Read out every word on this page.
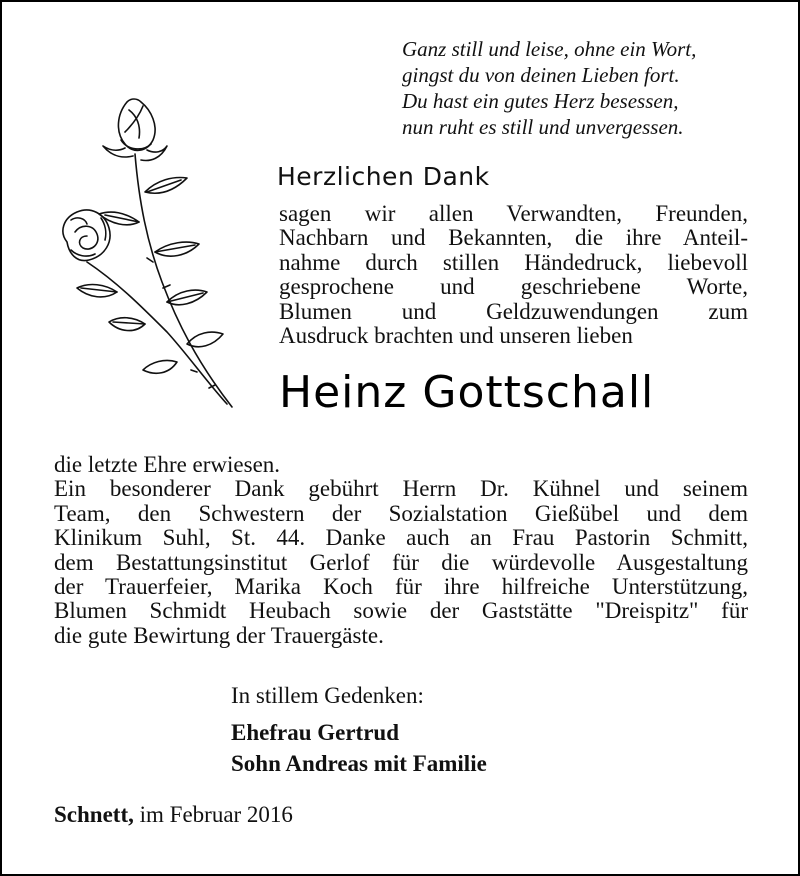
Ganz still und leise, ohne ein Wort,
gingst du von deinen Lieben fort.
Du hast ein gutes Herz besessen,
nun ruht es still und unvergessen.
Herzlichen Dank
sagen wir allen Verwandten, Freunden,
Nachbarn und Bekannten, die ihre Anteil-
nahme durch stillen Händedruck, liebevoll
gesprochene und geschriebene Worte,
Blumen und Geldzuwendungen zum
Ausdruck brachten und unseren lieben
Heinz Gottschall
die letzte Ehre erwiesen.
Ein besonderer Dank gebührt Herrn Dr. Kühnel und seinem
Team, den Schwestern der Sozialstation Gießübel und dem
Klinikum Suhl, St. 44. Danke auch an Frau Pastorin Schmitt,
dem Bestattungsinstitut Gerlof für die würdevolle Ausgestaltung
der Trauerfeier, Marika Koch für ihre hilfreiche Unterstützung,
Blumen Schmidt Heubach sowie der Gaststätte "Dreispitz" für
die gute Bewirtung der Trauergäste.
In stillem Gedenken:
Ehefrau Gertrud
Sohn Andreas mit Familie
Schnett, im Februar 2016
